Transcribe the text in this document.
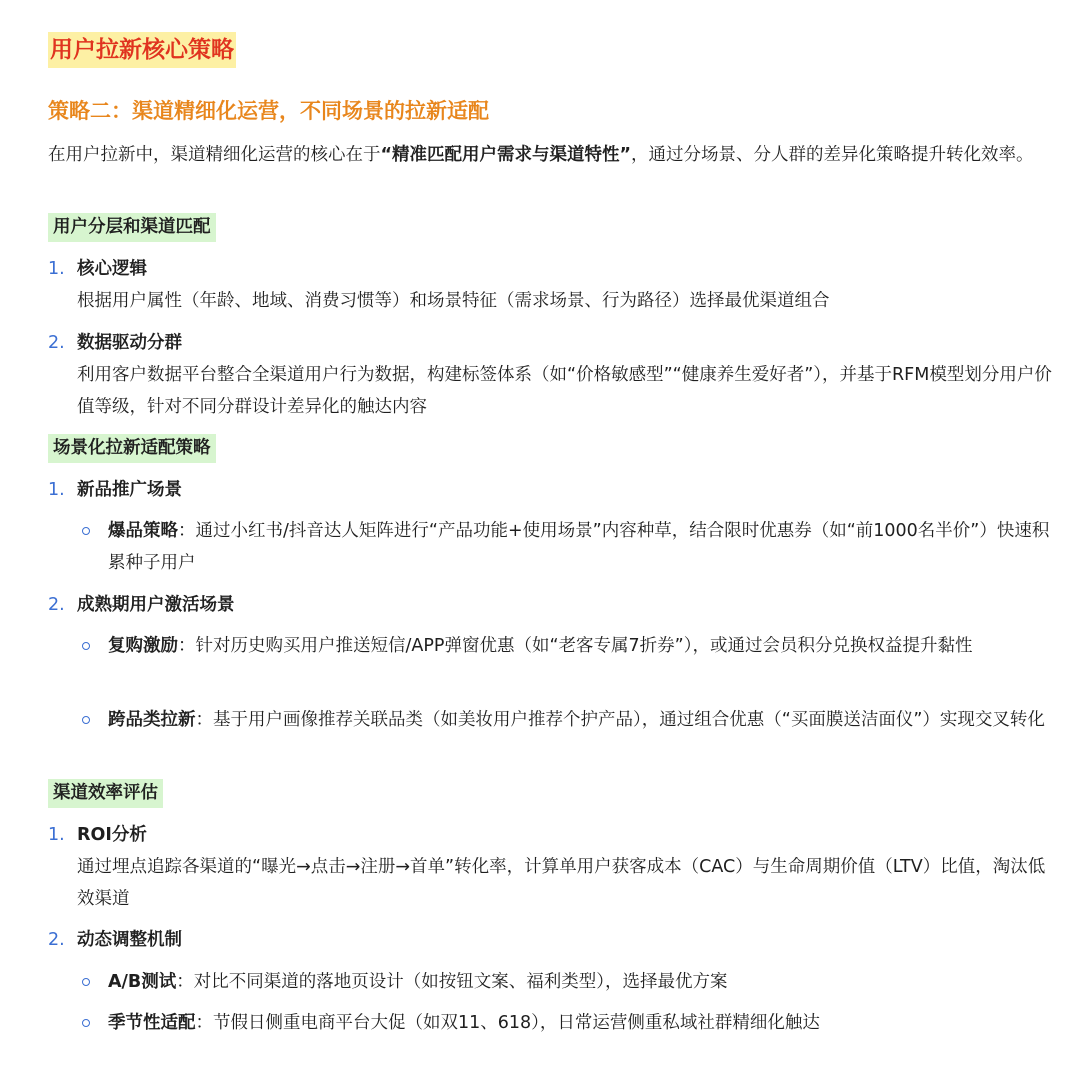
用户拉新核心策略
策略二：渠道精细化运营，不同场景的拉新适配
在用户拉新中，渠道精细化运营的核心在于“精准匹配用户需求与渠道特性”，通过分场景、分人群的差异化策略提升转化效率。
用户分层和渠道匹配
1. 核心逻辑
根据用户属性（年龄、地域、消费习惯等）和场景特征（需求场景、行为路径）选择最优渠道组合
2. 数据驱动分群
利用客户数据平台整合全渠道用户行为数据，构建标签体系（如“价格敏感型”“健康养生爱好者”），并基于RFM模型划分用户价值等级，针对不同分群设计差异化的触达内容
场景化拉新适配策略
1. 新品推广场景
爆品策略：通过小红书/抖音达人矩阵进行“产品功能+使用场景”内容种草，结合限时优惠券（如“前1000名半价”）快速积累种子用户
2. 成熟期用户激活场景
复购激励：针对历史购买用户推送短信/APP弹窗优惠（如“老客专属7折券”），或通过会员积分兑换权益提升黏性
跨品类拉新：基于用户画像推荐关联品类（如美妆用户推荐个护产品），通过组合优惠（“买面膜送洁面仪”）实现交叉转化
渠道效率评估
1. ROI分析
通过埋点追踪各渠道的“曝光→点击→注册→首单”转化率，计算单用户获客成本（CAC）与生命周期价值（LTV）比值，淘汰低效渠道
2. 动态调整机制
A/B测试：对比不同渠道的落地页设计（如按钮文案、福利类型），选择最优方案
季节性适配：节假日侧重电商平台大促（如双11、618），日常运营侧重私域社群精细化触达
